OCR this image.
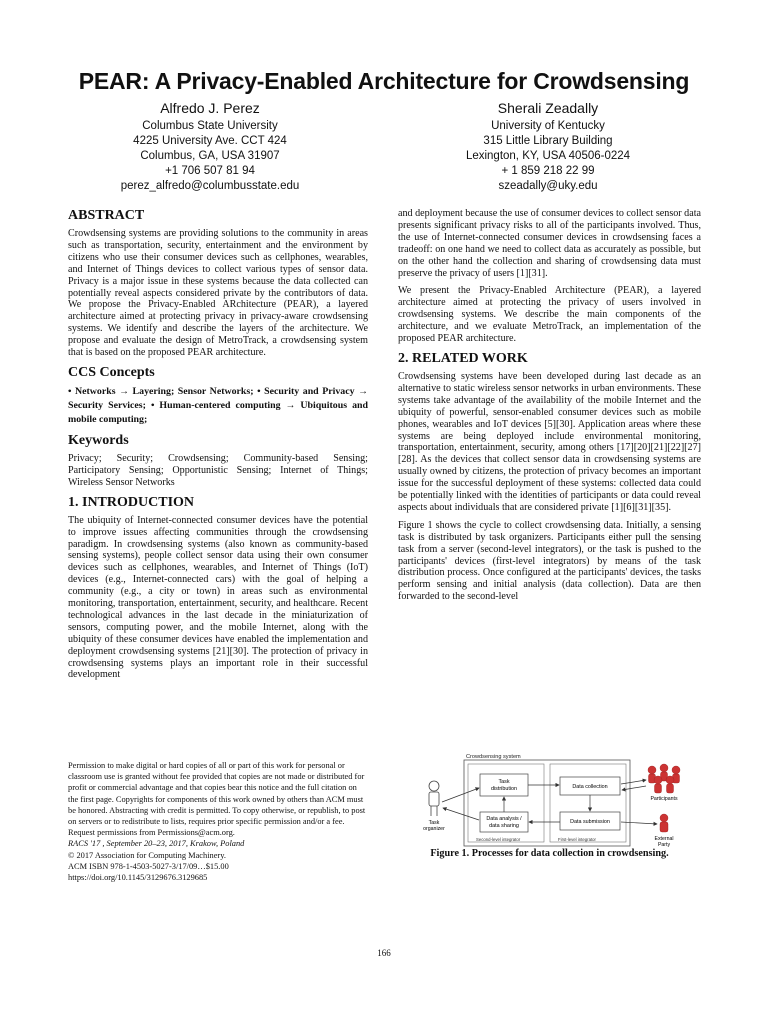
PEAR: A Privacy-Enabled Architecture for Crowdsensing
Alfredo J. Perez
Columbus State University
4225 University Ave. CCT 424
Columbus, GA, USA 31907
+1 706 507 81 94
perez_alfredo@columbusstate.edu
Sherali Zeadally
University of Kentucky
315 Little Library Building
Lexington, KY, USA 40506-0224
+ 1 859 218 22 99
szeadally@uky.edu
ABSTRACT

Crowdsensing systems are providing solutions to the community in areas such as transportation, security, entertainment and the environment by citizens who use their consumer devices such as cellphones, wearables, and Internet of Things devices to collect various types of sensor data. Privacy is a major issue in these systems because the data collected can potentially reveal aspects considered private by the contributors of data. We propose the Privacy-Enabled ARchitecture (PEAR), a layered architecture aimed at protecting privacy in privacy-aware crowdsensing systems. We identify and describe the layers of the architecture. We propose and evaluate the design of MetroTrack, a crowdsensing system that is based on the proposed PEAR architecture.

CCS Concepts

• Networks → Layering; Sensor Networks; • Security and Privacy → Security Services; • Human-centered computing → Ubiquitous and mobile computing;

Keywords

Privacy; Security; Crowdsensing; Community-based Sensing; Participatory Sensing; Opportunistic Sensing; Internet of Things; Wireless Sensor Networks

1. INTRODUCTION

The ubiquity of Internet-connected consumer devices have the potential to improve issues affecting communities through the crowdsensing paradigm. In crowdsensing systems (also known as community-based sensing systems), people collect sensor data using their own consumer devices such as cellphones, wearables, and Internet of Things (IoT) devices (e.g., Internet-connected cars) with the goal of helping a community (e.g., a city or town) in areas such as environmental monitoring, transportation, entertainment, security, and healthcare. Recent technological advances in the last decade in the miniaturization of sensors, computing power, and the mobile Internet, along with the ubiquity of these consumer devices have enabled the implementation and deployment crowdsensing systems [21][30]. The protection of privacy in crowdsensing systems plays an important role in their successful development

and deployment because the use of consumer devices to collect sensor data presents significant privacy risks to all of the participants involved. Thus, the use of Internet-connected consumer devices in crowdsensing faces a tradeoff: on one hand we need to collect data as accurately as possible, but on the other hand the collection and sharing of crowdsensing data must preserve the privacy of users [1][31].

We present the Privacy-Enabled Architecture (PEAR), a layered architecture aimed at protecting the privacy of users involved in crowdsensing systems. We describe the main components of the architecture, and we evaluate MetroTrack, an implementation of the proposed PEAR architecture.

2. RELATED WORK

Crowdsensing systems have been developed during last decade as an alternative to static wireless sensor networks in urban environments. These systems take advantage of the availability of the mobile Internet and the ubiquity of powerful, sensor-enabled consumer devices such as mobile phones, wearables and IoT devices [5][30]. Application areas where these systems are being deployed include environmental monitoring, transportation, entertainment, security, among others [17][20][21][22][27][28]. As the devices that collect sensor data in crowdsensing systems are usually owned by citizens, the protection of privacy becomes an important issue for the successful deployment of these systems: collected data could be potentially linked with the identities of participants or data could reveal aspects about individuals that are considered private [1][6][31][35].

Figure 1 shows the cycle to collect crowdsensing data. Initially, a sensing task is distributed by task organizers. Participants either pull the sensing task from a server (second-level integrators), or the task is pushed to the participants' devices (first-level integrators) by means of the task distribution process. Once configured at the participants' devices, the tasks perform sensing and initial analysis (data collection). Data are then forwarded to the second-level

Permission to make digital or hard copies of all or part of this work for personal or classroom use is granted without fee provided that copies are not made or distributed for profit or commercial advantage and that copies bear this notice and the full citation on the first page. Copyrights for components of this work owned by others than ACM must be honored. Abstracting with credit is permitted. To copy otherwise, or republish, to post on servers or to redistribute to lists, requires prior specific permission and/or a fee. Request permissions from Permissions@acm.org.

RACS '17 , September 20–23, 2017, Krakow, Poland

© 2017 Association for Computing Machinery.

ACM ISBN 978-1-4503-5027-3/17/09…$15.00

https://doi.org/10.1145/3129676.3129685

Crowdsensing system
Task
distribution	Data collection
Data analysis /
data sharing
Data submission
Second-level integrator	First-level integrator
Task
organizer
Participants
External
Party
Figure 1. Processes for data collection in crowdsensing.
166
